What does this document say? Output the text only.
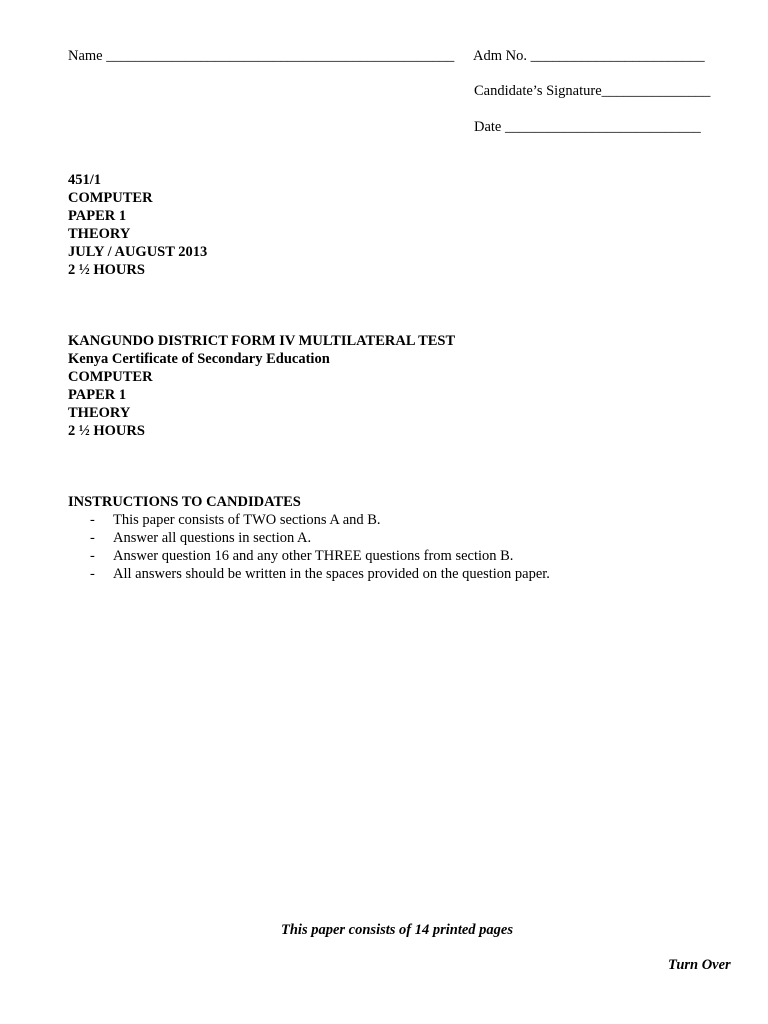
Name ________________________________________________ Adm No. ________________________
Candidate’s Signature_______________
Date ___________________________
451/1
COMPUTER
PAPER 1
THEORY
JULY / AUGUST 2013
2 ½ HOURS
KANGUNDO DISTRICT FORM IV MULTILATERAL TEST
Kenya Certificate of Secondary Education
COMPUTER
PAPER 1
THEORY
2 ½ HOURS
INSTRUCTIONS TO CANDIDATES
- This paper consists of TWO sections A and B.
- Answer all questions in section A.
- Answer question 16 and any other THREE questions from section B.
- All answers should be written in the spaces provided on the question paper.
This paper consists of 14 printed pages
Turn Over
